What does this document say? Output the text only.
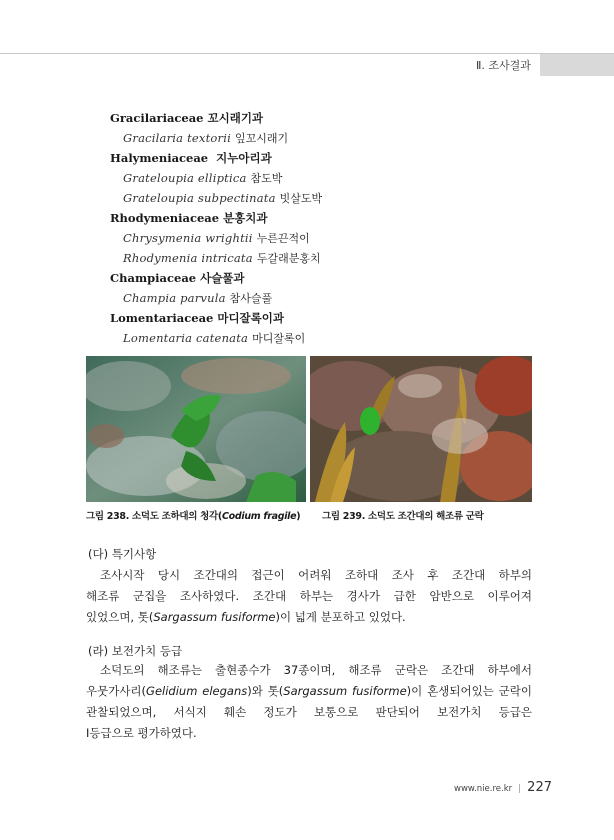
Ⅱ. 조사결과
Gracilariaceae 꼬시래기과
Gracilaria textorii 잎꼬시래기
Halymeniaceae 지누아리과
Grateloupia elliptica 참도박
Grateloupia subpectinata 빗살도박
Rhodymeniaceae 분홍치과
Chrysymenia wrightii 누른끈적이
Rhodymenia intricata 두갈래분홍치
Champiaceae 사슬풀과
Champia parvula 참사슬풀
Lomentariaceae 마디잘록이과
Lomentaria catenata 마디잘록이
그림 238. 소덕도 조하대의 청각(Codium fragile) 그림 239. 소덕도 조간대의 해조류 군락
(다) 특기사항
조사시작 당시 조간대의 접근이 어려워 조하대 조사 후 조간대 하부의
해조류 군집을 조사하였다. 조간대 하부는 경사가 급한 암반으로 이루어져
있었으며, 톳(Sargassum fusiforme)이 넓게 분포하고 있었다.
(라) 보전가치 등급
소덕도의 해조류는 출현종수가 37종이며, 해조류 군락은 조간대 하부에서
우뭇가사리(Gelidium elegans)와 톳(Sargassum fusiforme)이 혼생되어있는 군락이
관찰되었으며, 서식지 훼손 정도가 보통으로 판단되어 보전가치 등급은
Ⅰ등급으로 평가하였다.
www.nie.re.kr | 227
